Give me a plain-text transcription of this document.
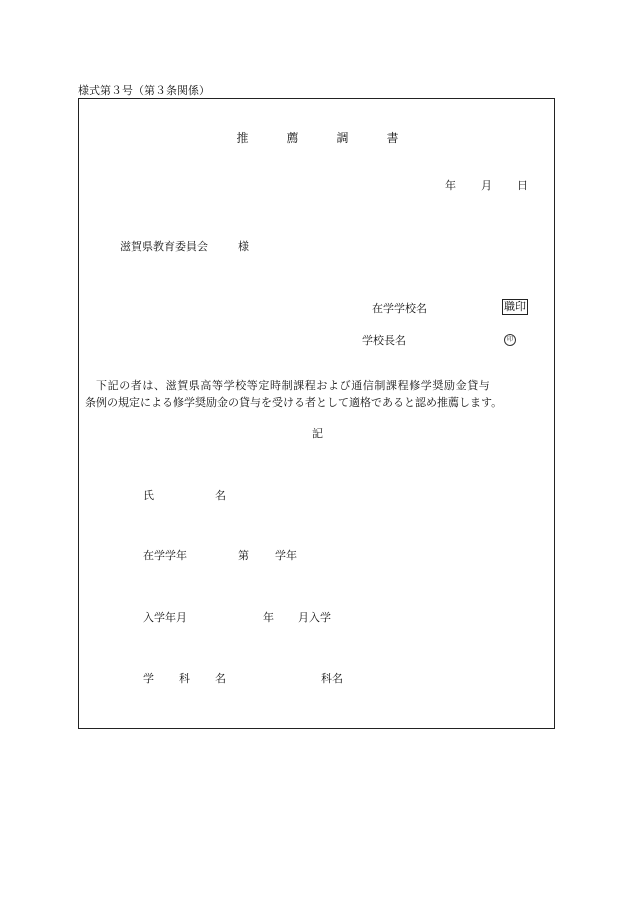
様式第３号（第３条関係）
推	薦	調	書
年 月 日
滋賀県教育委員会	様
在学学校名	職印
学校長名	印
下記の者は、滋賀県高等学校等定時制課程および通信制課程修学奨励金貸与
条例の規定による修学奨励金の貸与を受ける者として適格であると認め推薦します。
記
氏	名
在学学年	第 学年
入学年月	年 月入学
学 科 名	科名
